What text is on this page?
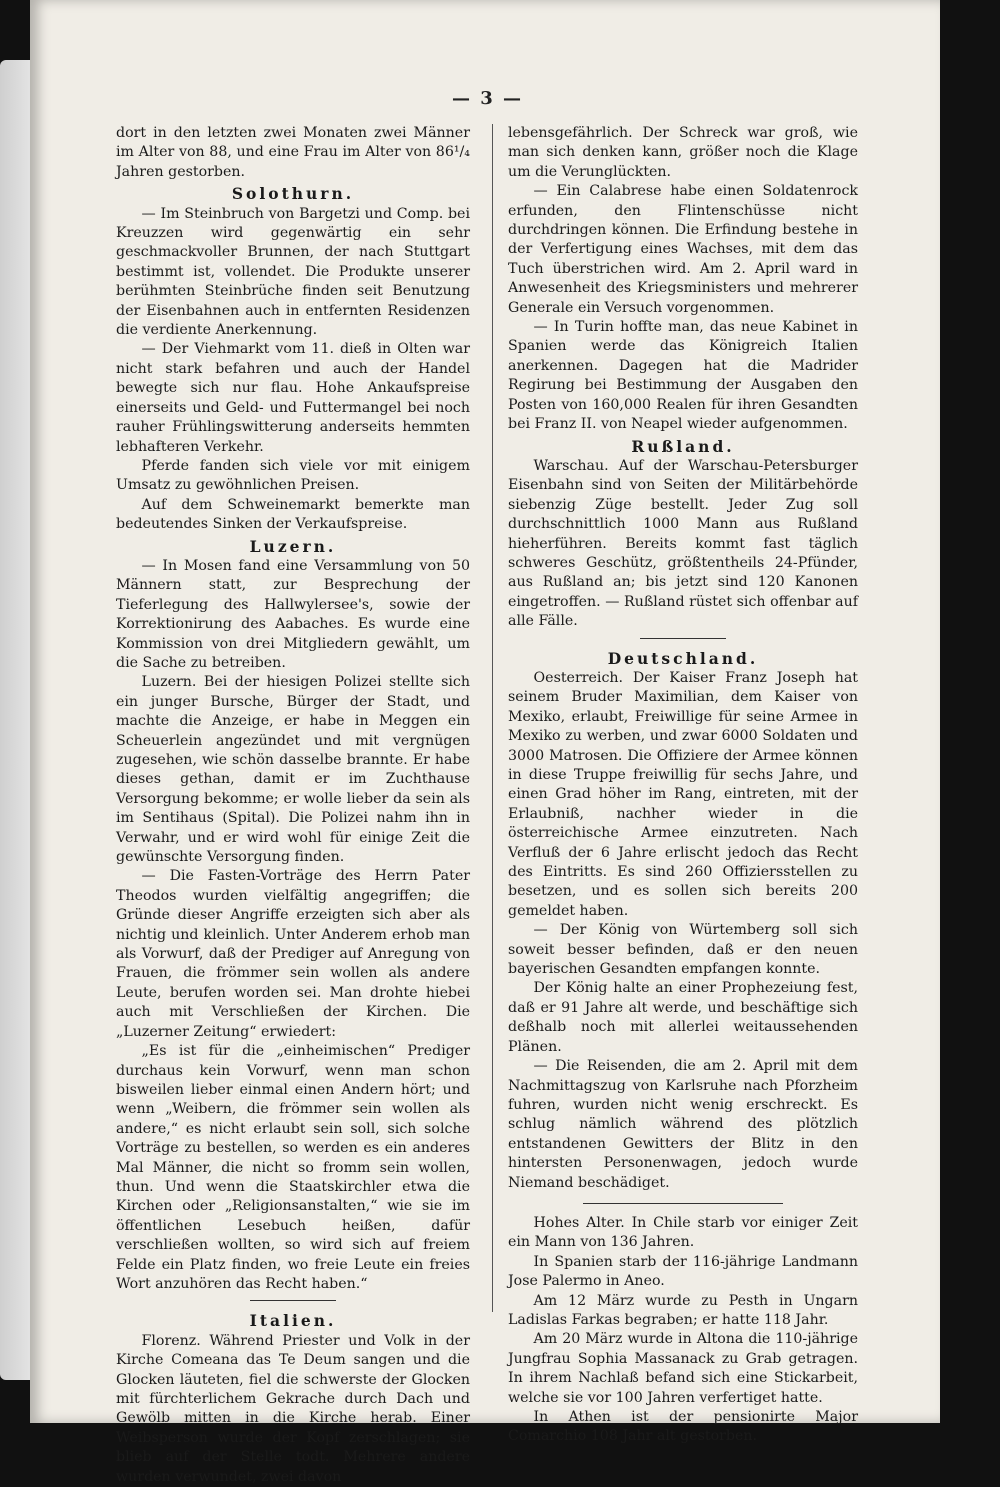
— 3 —

dort in den letzten zwei Monaten zwei Männer im Alter von 88, und eine Frau im Alter von 86¹/₄ Jahren gestorben.

Solothurn.

— Im Steinbruch von Bargetzi und Comp. bei Kreuzzen wird gegenwärtig ein sehr geschmackvoller Brunnen, der nach Stuttgart bestimmt ist, vollendet. Die Produkte unserer berühmten Steinbrüche finden seit Benutzung der Eisenbahnen auch in entfernten Residenzen die verdiente Anerkennung.

— Der Viehmarkt vom 11. dieß in Olten war nicht stark befahren und auch der Handel bewegte sich nur flau. Hohe Ankaufspreise einerseits und Geld- und Futtermangel bei noch rauher Frühlingswitterung anderseits hemmten lebhafteren Verkehr.

Pferde fanden sich viele vor mit einigem Umsatz zu gewöhnlichen Preisen.

Auf dem Schweinemarkt bemerkte man bedeutendes Sinken der Verkaufspreise.

Luzern.

— In Mosen fand eine Versammlung von 50 Männern statt, zur Besprechung der Tieferlegung des Hallwylersee's, sowie der Korrektionirung des Aabaches. Es wurde eine Kommission von drei Mitgliedern gewählt, um die Sache zu betreiben.

Luzern. Bei der hiesigen Polizei stellte sich ein junger Bursche, Bürger der Stadt, und machte die Anzeige, er habe in Meggen ein Scheuerlein angezündet und mit vergnügen zugesehen, wie schön dasselbe brannte. Er habe dieses gethan, damit er im Zuchthause Versorgung bekomme; er wolle lieber da sein als im Sentihaus (Spital). Die Polizei nahm ihn in Verwahr, und er wird wohl für einige Zeit die gewünschte Versorgung finden.

— Die Fasten-Vorträge des Herrn Pater Theodos wurden vielfältig angegriffen; die Gründe dieser Angriffe erzeigten sich aber als nichtig und kleinlich. Unter Anderem erhob man als Vorwurf, daß der Prediger auf Anregung von Frauen, die frömmer sein wollen als andere Leute, berufen worden sei. Man drohte hiebei auch mit Verschließen der Kirchen. Die „Luzerner Zeitung“ erwiedert:

„Es ist für die „einheimischen“ Prediger durchaus kein Vorwurf, wenn man schon bisweilen lieber einmal einen Andern hört; und wenn „Weibern, die frömmer sein wollen als andere,“ es nicht erlaubt sein soll, sich solche Vorträge zu bestellen, so werden es ein anderes Mal Männer, die nicht so fromm sein wollen, thun. Und wenn die Staatskirchler etwa die Kirchen oder „Religionsanstalten,“ wie sie im öffentlichen Lesebuch heißen, dafür verschließen wollten, so wird sich auf freiem Felde ein Platz finden, wo freie Leute ein freies Wort anzuhören das Recht haben.“

Italien.

Florenz. Während Priester und Volk in der Kirche Comeana das Te Deum sangen und die Glocken läuteten, fiel die schwerste der Glocken mit fürchterlichem Gekrache durch Dach und Gewölb mitten in die Kirche herab. Einer Weibsperson wurde der Kopf zerschlagen; sie blieb auf der Stelle todt. Mehrere andere wurden verwundet, zwei davon

lebensgefährlich. Der Schreck war groß, wie man sich denken kann, größer noch die Klage um die Verunglückten.

— Ein Calabrese habe einen Soldatenrock erfunden, den Flintenschüsse nicht durchdringen können. Die Erfindung bestehe in der Verfertigung eines Wachses, mit dem das Tuch überstrichen wird. Am 2. April ward in Anwesenheit des Kriegsministers und mehrerer Generale ein Versuch vorgenommen.

— In Turin hoffte man, das neue Kabinet in Spanien werde das Königreich Italien anerkennen. Dagegen hat die Madrider Regirung bei Bestimmung der Ausgaben den Posten von 160,000 Realen für ihren Gesandten bei Franz II. von Neapel wieder aufgenommen.

Rußland.

Warschau. Auf der Warschau-Petersburger Eisenbahn sind von Seiten der Militärbehörde siebenzig Züge bestellt. Jeder Zug soll durchschnittlich 1000 Mann aus Rußland hieherführen. Bereits kommt fast täglich schweres Geschütz, größtentheils 24-Pfünder, aus Rußland an; bis jetzt sind 120 Kanonen eingetroffen. — Rußland rüstet sich offenbar auf alle Fälle.

Deutschland.

Oesterreich. Der Kaiser Franz Joseph hat seinem Bruder Maximilian, dem Kaiser von Mexiko, erlaubt, Freiwillige für seine Armee in Mexiko zu werben, und zwar 6000 Soldaten und 3000 Matrosen. Die Offiziere der Armee können in diese Truppe freiwillig für sechs Jahre, und einen Grad höher im Rang, eintreten, mit der Erlaubniß, nachher wieder in die österreichische Armee einzutreten. Nach Verfluß der 6 Jahre erlischt jedoch das Recht des Eintritts. Es sind 260 Offiziersstellen zu besetzen, und es sollen sich bereits 200 gemeldet haben.

— Der König von Würtemberg soll sich soweit besser befinden, daß er den neuen bayerischen Gesandten empfangen konnte.

Der König halte an einer Prophezeiung fest, daß er 91 Jahre alt werde, und beschäftige sich deßhalb noch mit allerlei weitaussehenden Plänen.

— Die Reisenden, die am 2. April mit dem Nachmittagszug von Karlsruhe nach Pforzheim fuhren, wurden nicht wenig erschreckt. Es schlug nämlich während des plötzlich entstandenen Gewitters der Blitz in den hintersten Personenwagen, jedoch wurde Niemand beschädiget.

Hohes Alter. In Chile starb vor einiger Zeit ein Mann von 136 Jahren.

In Spanien starb der 116-jährige Landmann Jose Palermo in Aneo.

Am 12 März wurde zu Pesth in Ungarn Ladislas Farkas begraben; er hatte 118 Jahr.

Am 20 März wurde in Altona die 110-jährige Jungfrau Sophia Massanack zu Grab getragen. In ihrem Nachlaß befand sich eine Stickarbeit, welche sie vor 100 Jahren verfertiget hatte.

In Athen ist der pensionirte Major Comarchio 108 Jahr alt gestorben.
